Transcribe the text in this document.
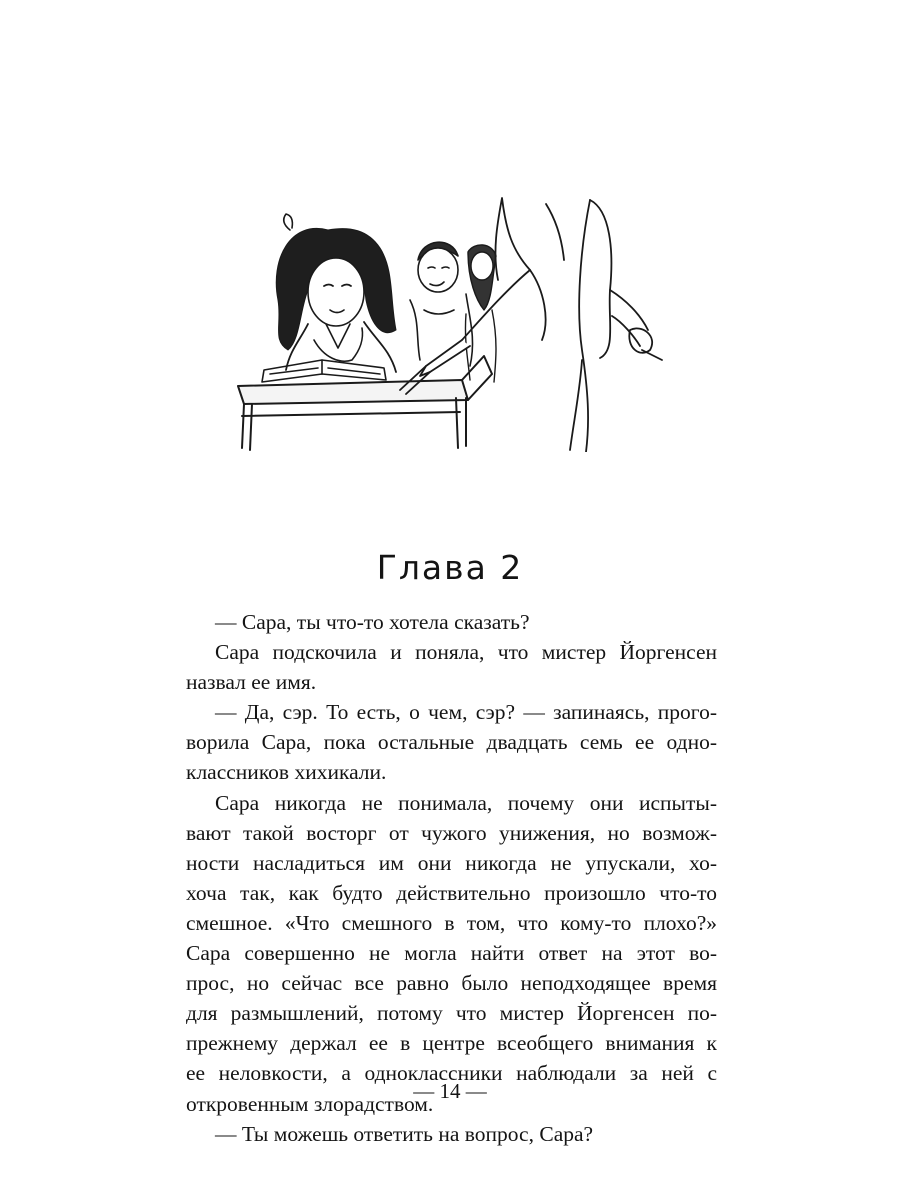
Глава 2
— Сара, ты что-то хотела сказать?
Сара подскочила и поняла, что мистер Йоргенсен
назвал ее имя.
— Да, сэр. То есть, о чем, сэр? — запинаясь, прого-
ворила Сара, пока остальные двадцать семь ее одно-
классников хихикали.
Сара никогда не понимала, почему они испыты-
вают такой восторг от чужого унижения, но возмож-
ности насладиться им они никогда не упускали, хо-
хоча так, как будто действительно произошло что-то
смешное. «Что смешного в том, что кому-то плохо?»
Сара совершенно не могла найти ответ на этот во-
прос, но сейчас все равно было неподходящее время
для размышлений, потому что мистер Йоргенсен по-
прежнему держал ее в центре всеобщего внимания к
ее неловкости, а одноклассники наблюдали за ней с
откровенным злорадством.
— Ты можешь ответить на вопрос, Сара?
— 14 —
